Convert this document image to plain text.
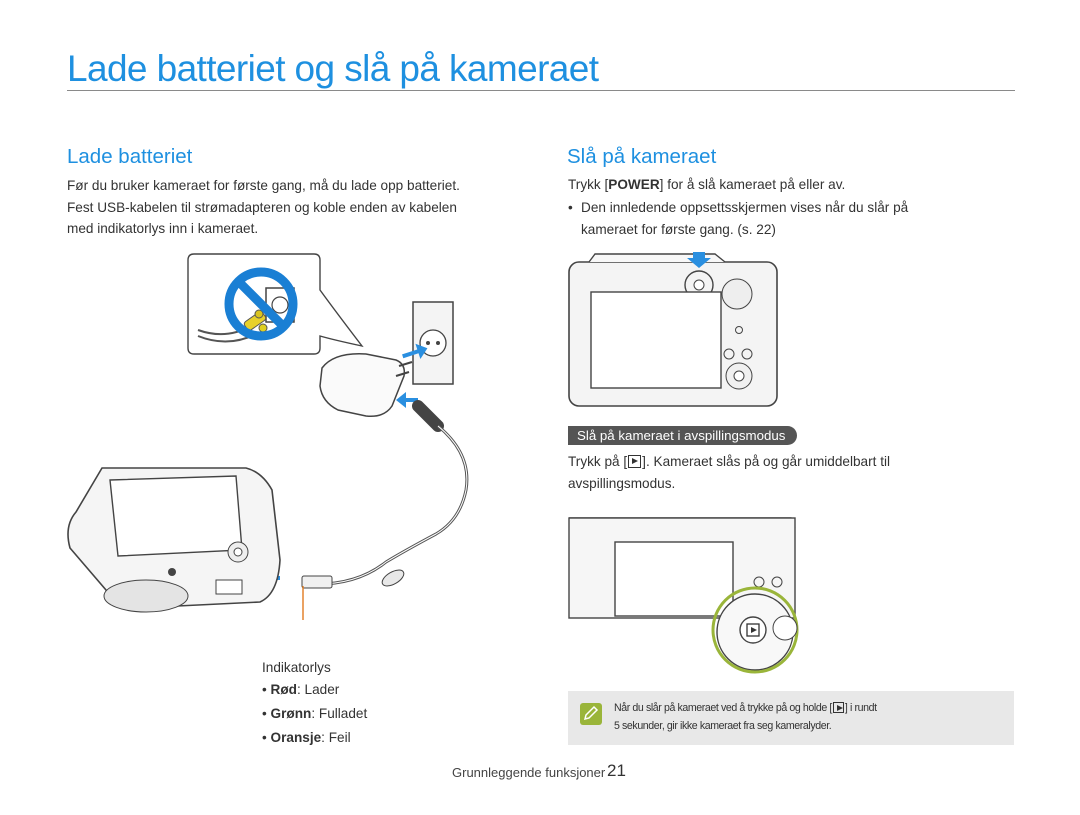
Lade batteriet og slå på kameraet
Lade batteriet
Før du bruker kameraet for første gang, må du lade opp batteriet.
Fest USB-kabelen til strømadapteren og koble enden av kabelen
med indikatorlys inn i kameraet.
Indikatorlys
• Rød: Lader
• Grønn: Fulladet
• Oransje: Feil
Slå på kameraet
Trykk [POWER] for å slå kameraet på eller av.
• Den innledende oppsettsskjermen vises når du slår på
kameraet for første gang. (s. 22)
Slå på kameraet i avspillingsmodus
Trykk på [ ]. Kameraet slås på og går umiddelbart til
avspillingsmodus.
Når du slår på kameraet ved å trykke på og holde [ ] i rundt
5 sekunder, gir ikke kameraet fra seg kameralyder.
Grunnleggende funksjoner 21
